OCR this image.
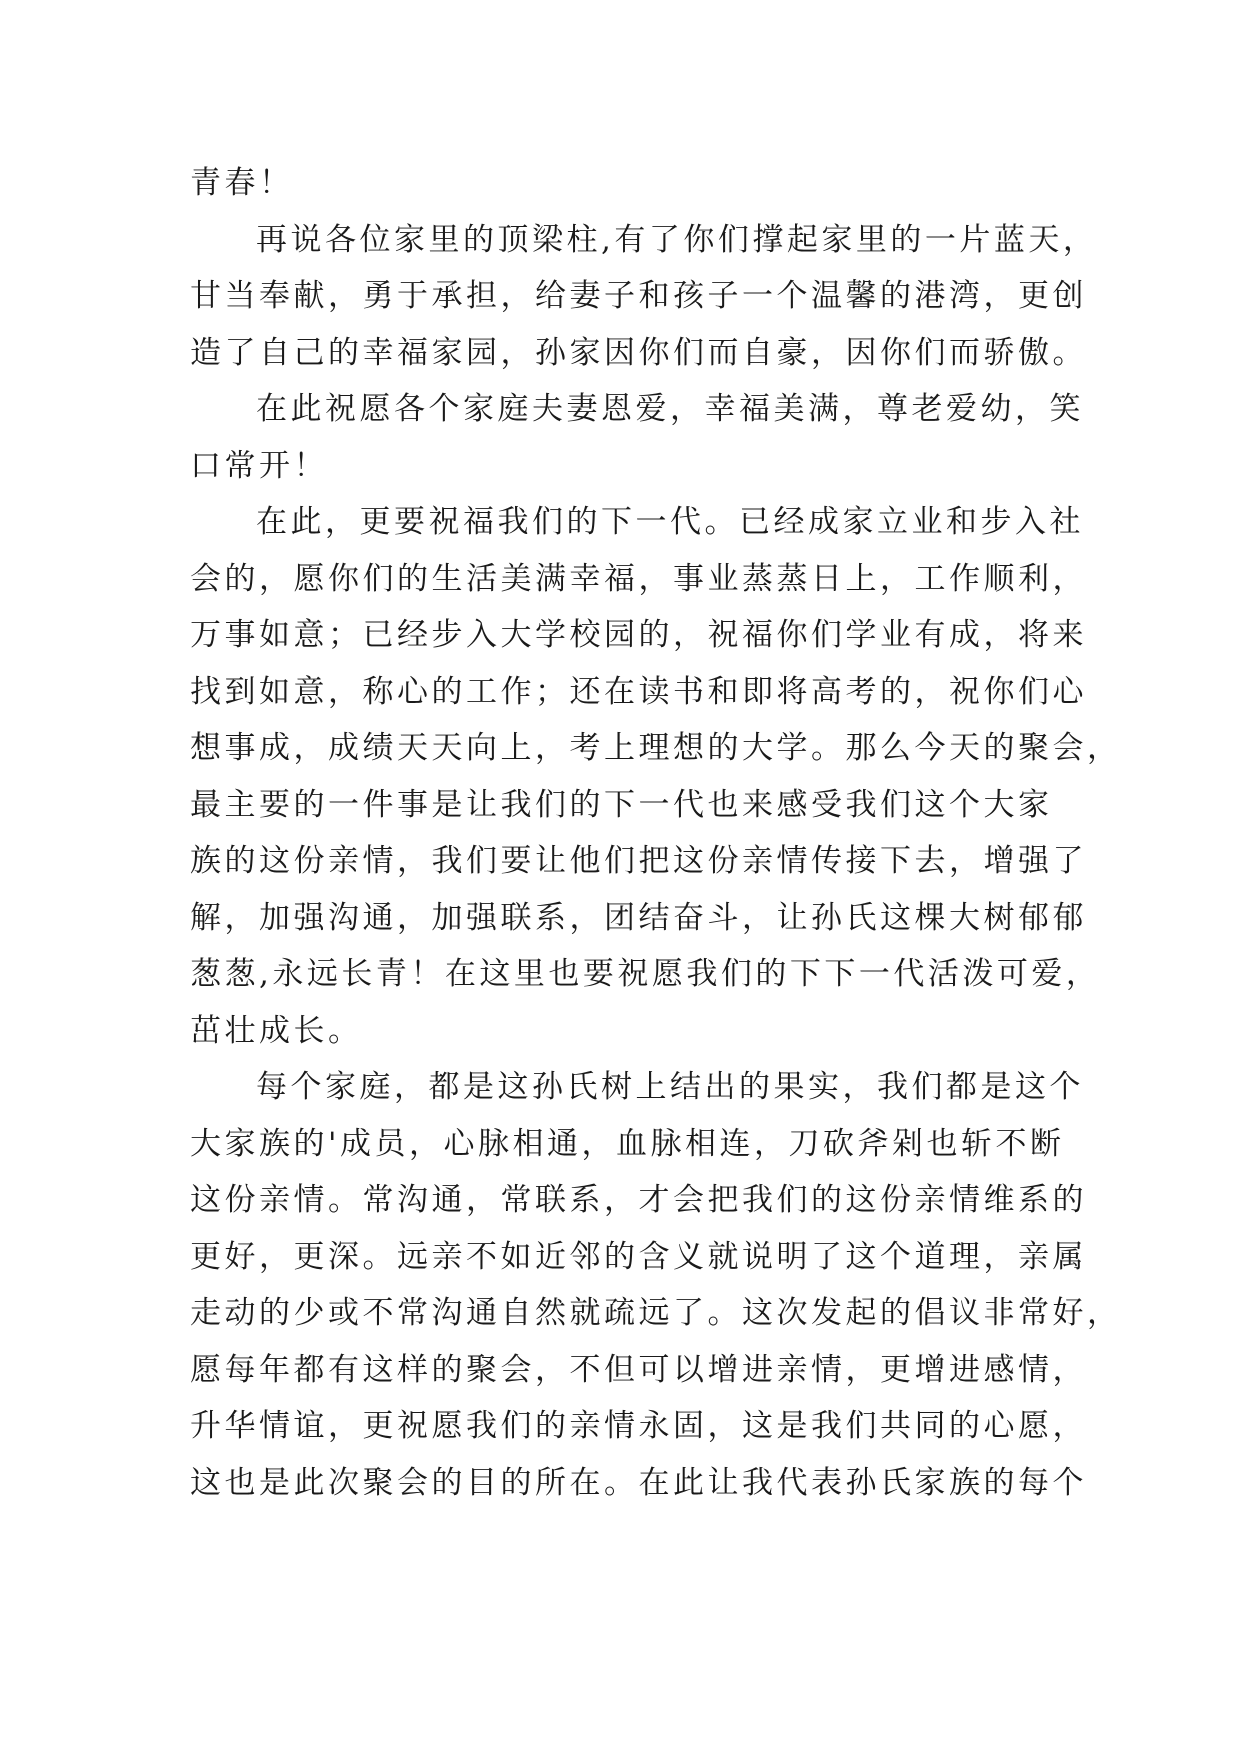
青春！
再说各位家里的顶梁柱,有了你们撑起家里的一片蓝天，
甘当奉献，勇于承担，给妻子和孩子一个温馨的港湾，更创
造了自己的幸福家园，孙家因你们而自豪，因你们而骄傲。
在此祝愿各个家庭夫妻恩爱，幸福美满，尊老爱幼，笑
口常开！
在此，更要祝福我们的下一代。已经成家立业和步入社
会的，愿你们的生活美满幸福，事业蒸蒸日上，工作顺利，
万事如意；已经步入大学校园的，祝福你们学业有成，将来
找到如意，称心的工作；还在读书和即将高考的，祝你们心
想事成，成绩天天向上，考上理想的大学。那么今天的聚会，
最主要的一件事是让我们的下一代也来感受我们这个大家
族的这份亲情，我们要让他们把这份亲情传接下去，增强了
解，加强沟通，加强联系，团结奋斗，让孙氏这棵大树郁郁
葱葱,永远长青！在这里也要祝愿我们的下下一代活泼可爱，
茁壮成长。
每个家庭，都是这孙氏树上结出的果实，我们都是这个
大家族的'成员，心脉相通，血脉相连，刀砍斧剁也斩不断
这份亲情。常沟通，常联系，才会把我们的这份亲情维系的
更好，更深。远亲不如近邻的含义就说明了这个道理，亲属
走动的少或不常沟通自然就疏远了。这次发起的倡议非常好，
愿每年都有这样的聚会，不但可以增进亲情，更增进感情，
升华情谊，更祝愿我们的亲情永固，这是我们共同的心愿，
这也是此次聚会的目的所在。在此让我代表孙氏家族的每个
